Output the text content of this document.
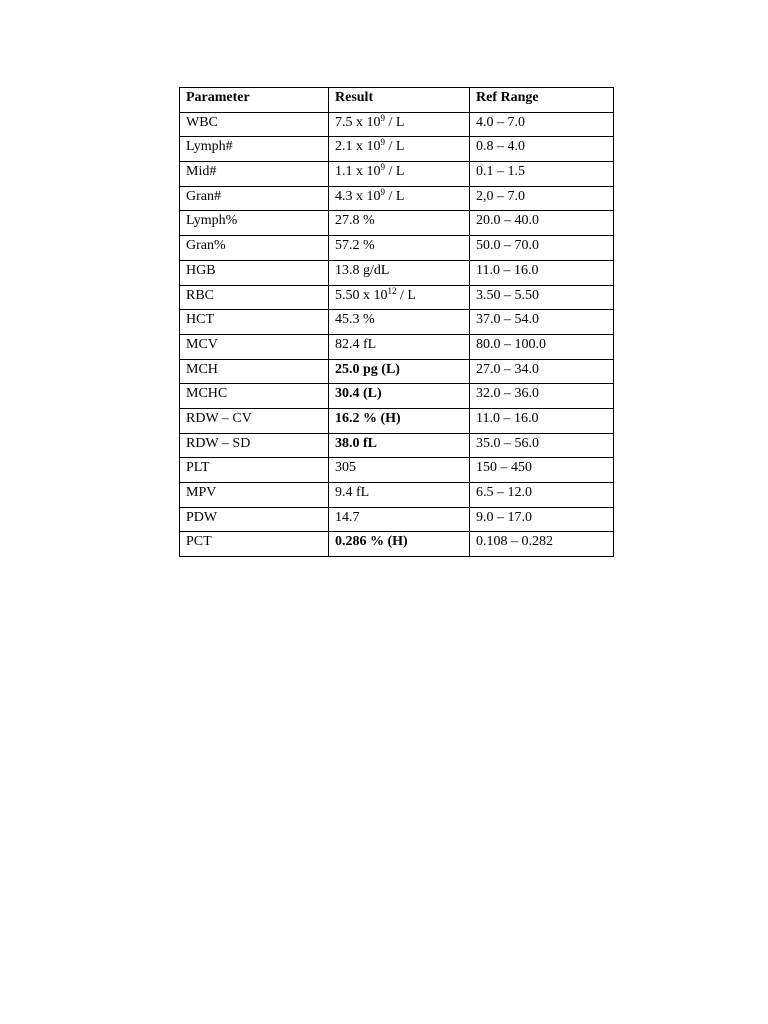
Parameter	Result	Ref Range
WBC	7.5 x $10^9$ / L	4.0 – 7.0
Lymph#	2.1 x $10^9$ / L	0.8 – 4.0
Mid#	1.1 x $10^9$ / L	0.1 – 1.5
Gran#	4.3 x $10^9$ / L	2,0 – 7.0
Lymph%	27.8 %	20.0 – 40.0
Gran%	57.2 %	50.0 – 70.0
HGB	13.8 g/dL	11.0 – 16.0
RBC	5.50 x $10^{12}$ / L	3.50 – 5.50
HCT	45.3 %	37.0 – 54.0
MCV	82.4 fL	80.0 – 100.0
MCH	25.0 pg (L)	27.0 – 34.0
MCHC	30.4 (L)	32.0 – 36.0
RDW – CV	16.2 % (H)	11.0 – 16.0
RDW – SD	38.0 fL	35.0 – 56.0
PLT	305	150 – 450
MPV	9.4 fL	6.5 – 12.0
PDW	14.7	9.0 – 17.0
PCT	0.286 % (H)	0.108 – 0.282
